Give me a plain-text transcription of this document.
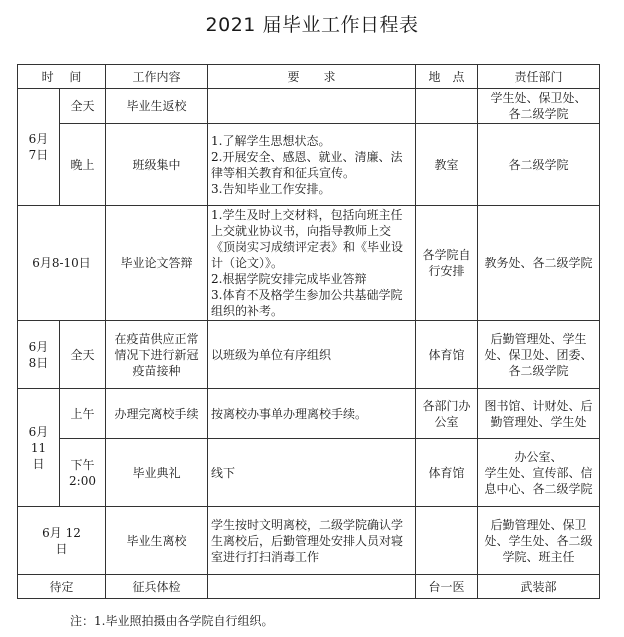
2021 届毕业工作日程表
时　 间		工作内容	要　　求	地　点	责任部门
6月
7日	全天	毕业生返校			学生处、保卫处、
各二级学院
	晚上	班级集中	1.了解学生思想状态。
2.开展安全、感恩、就业、清廉、法律等相关教育和征兵宣传。
3.告知毕业工作安排。	教室	各二级学院
6月8-10日		毕业论文答辩	1.学生及时上交材料，包括向班主任上交就业协议书，向指导教师上交《顶岗实习成绩评定表》和《毕业设计（论文）》。
2.根据学院安排完成毕业答辩
3.体育不及格学生参加公共基础学院组织的补考。	各学院自行安排	教务处、各二级学院
6月
8日	全天	在疫苗供应正常情况下进行新冠疫苗接种	以班级为单位有序组织	体育馆	后勤管理处、学生处、保卫处、团委、各二级学院
6月
11
日	上午	办理完离校手续	按离校办事单办理离校手续。	各部门办公室	图书馆、计财处、后勤管理处、学生处
	下午
2:00	毕业典礼	线下	体育馆	办公室、
学生处、宣传部、信息中心、各二级学院
6月 12
日		毕业生离校	学生按时文明离校，二级学院确认学生离校后，后勤管理处安排人员对寝室进行打扫消毒工作		后勤管理处、保卫处、学生处、各二级学院、班主任
待定		征兵体检		台一医	武装部
注：1.毕业照拍摄由各学院自行组织。
